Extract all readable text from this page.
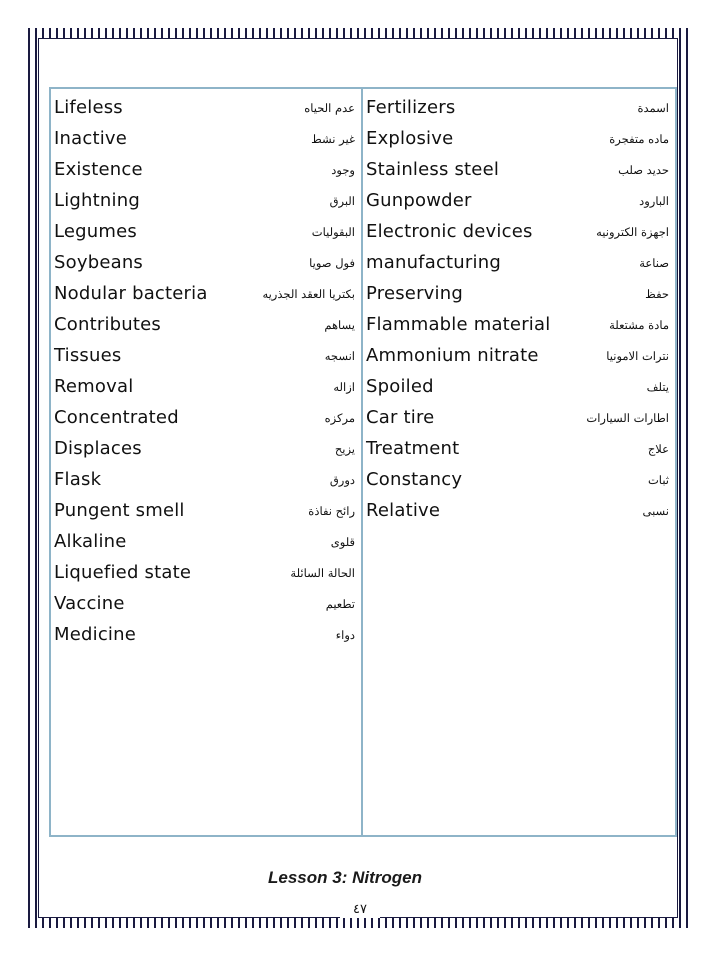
Lifeless	عدم الحياه
Inactive	غير نشط
Existence	وجود
Lightning	البرق
Legumes	البقوليات
Soybeans	فول صويا
Nodular bacteria	بكتريا العقد الجذريه
Contributes	يساهم
Tissues	انسجه
Removal	ازاله
Concentrated	مركزه
Displaces	يزيح
Flask	دورق
Pungent smell	رائح نفاذة
Alkaline	قلوى
Liquefied state	الحالة السائلة
Vaccine	تطعيم
Medicine	دواء
Fertilizers	اسمدة
Explosive	ماده متفجرة
Stainless steel	حديد صلب
Gunpowder	البارود
Electronic devices	اجهزة الكترونيه
manufacturing	صناعة
Preserving	حفظ
Flammable material	مادة مشتعلة
Ammonium nitrate	نترات الامونيا
Spoiled	يتلف
Car tire	اطارات السيارات
Treatment	علاج
Constancy	ثبات
Relative	نسبى
Lesson 3: Nitrogen
٤٧
